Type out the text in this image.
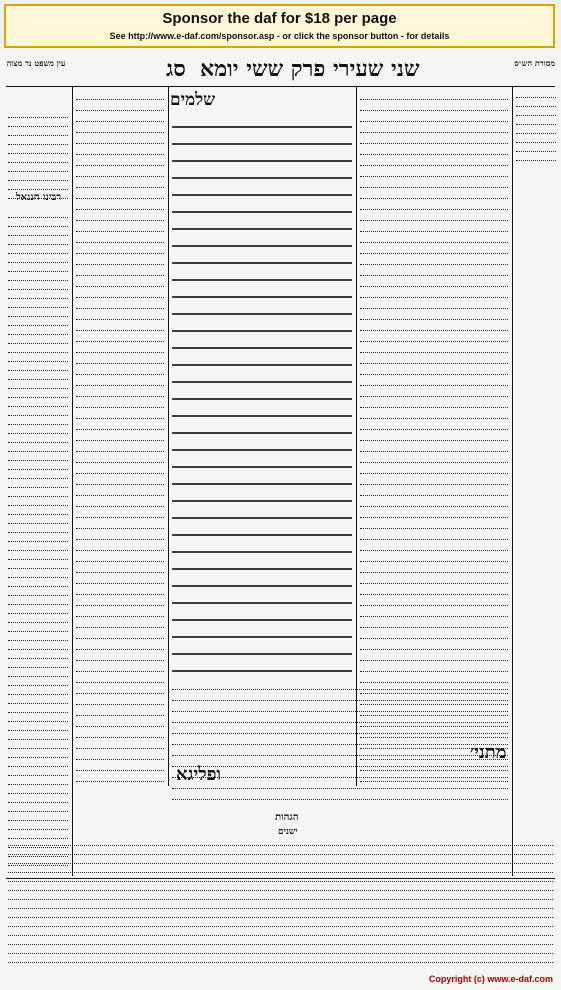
Sponsor the daf for $18 per page
See http://www.e-daf.com/sponsor.asp - or click the sponsor button - for details
שני שעירי פרק ששי יומא
סג	מסורת הש״ס
עין משפט נר מצוה
שלמים
רבינו חננאל
מתני׳
ופליגא
הגהות
ישנים
Copyright (c) www.e-daf.com
